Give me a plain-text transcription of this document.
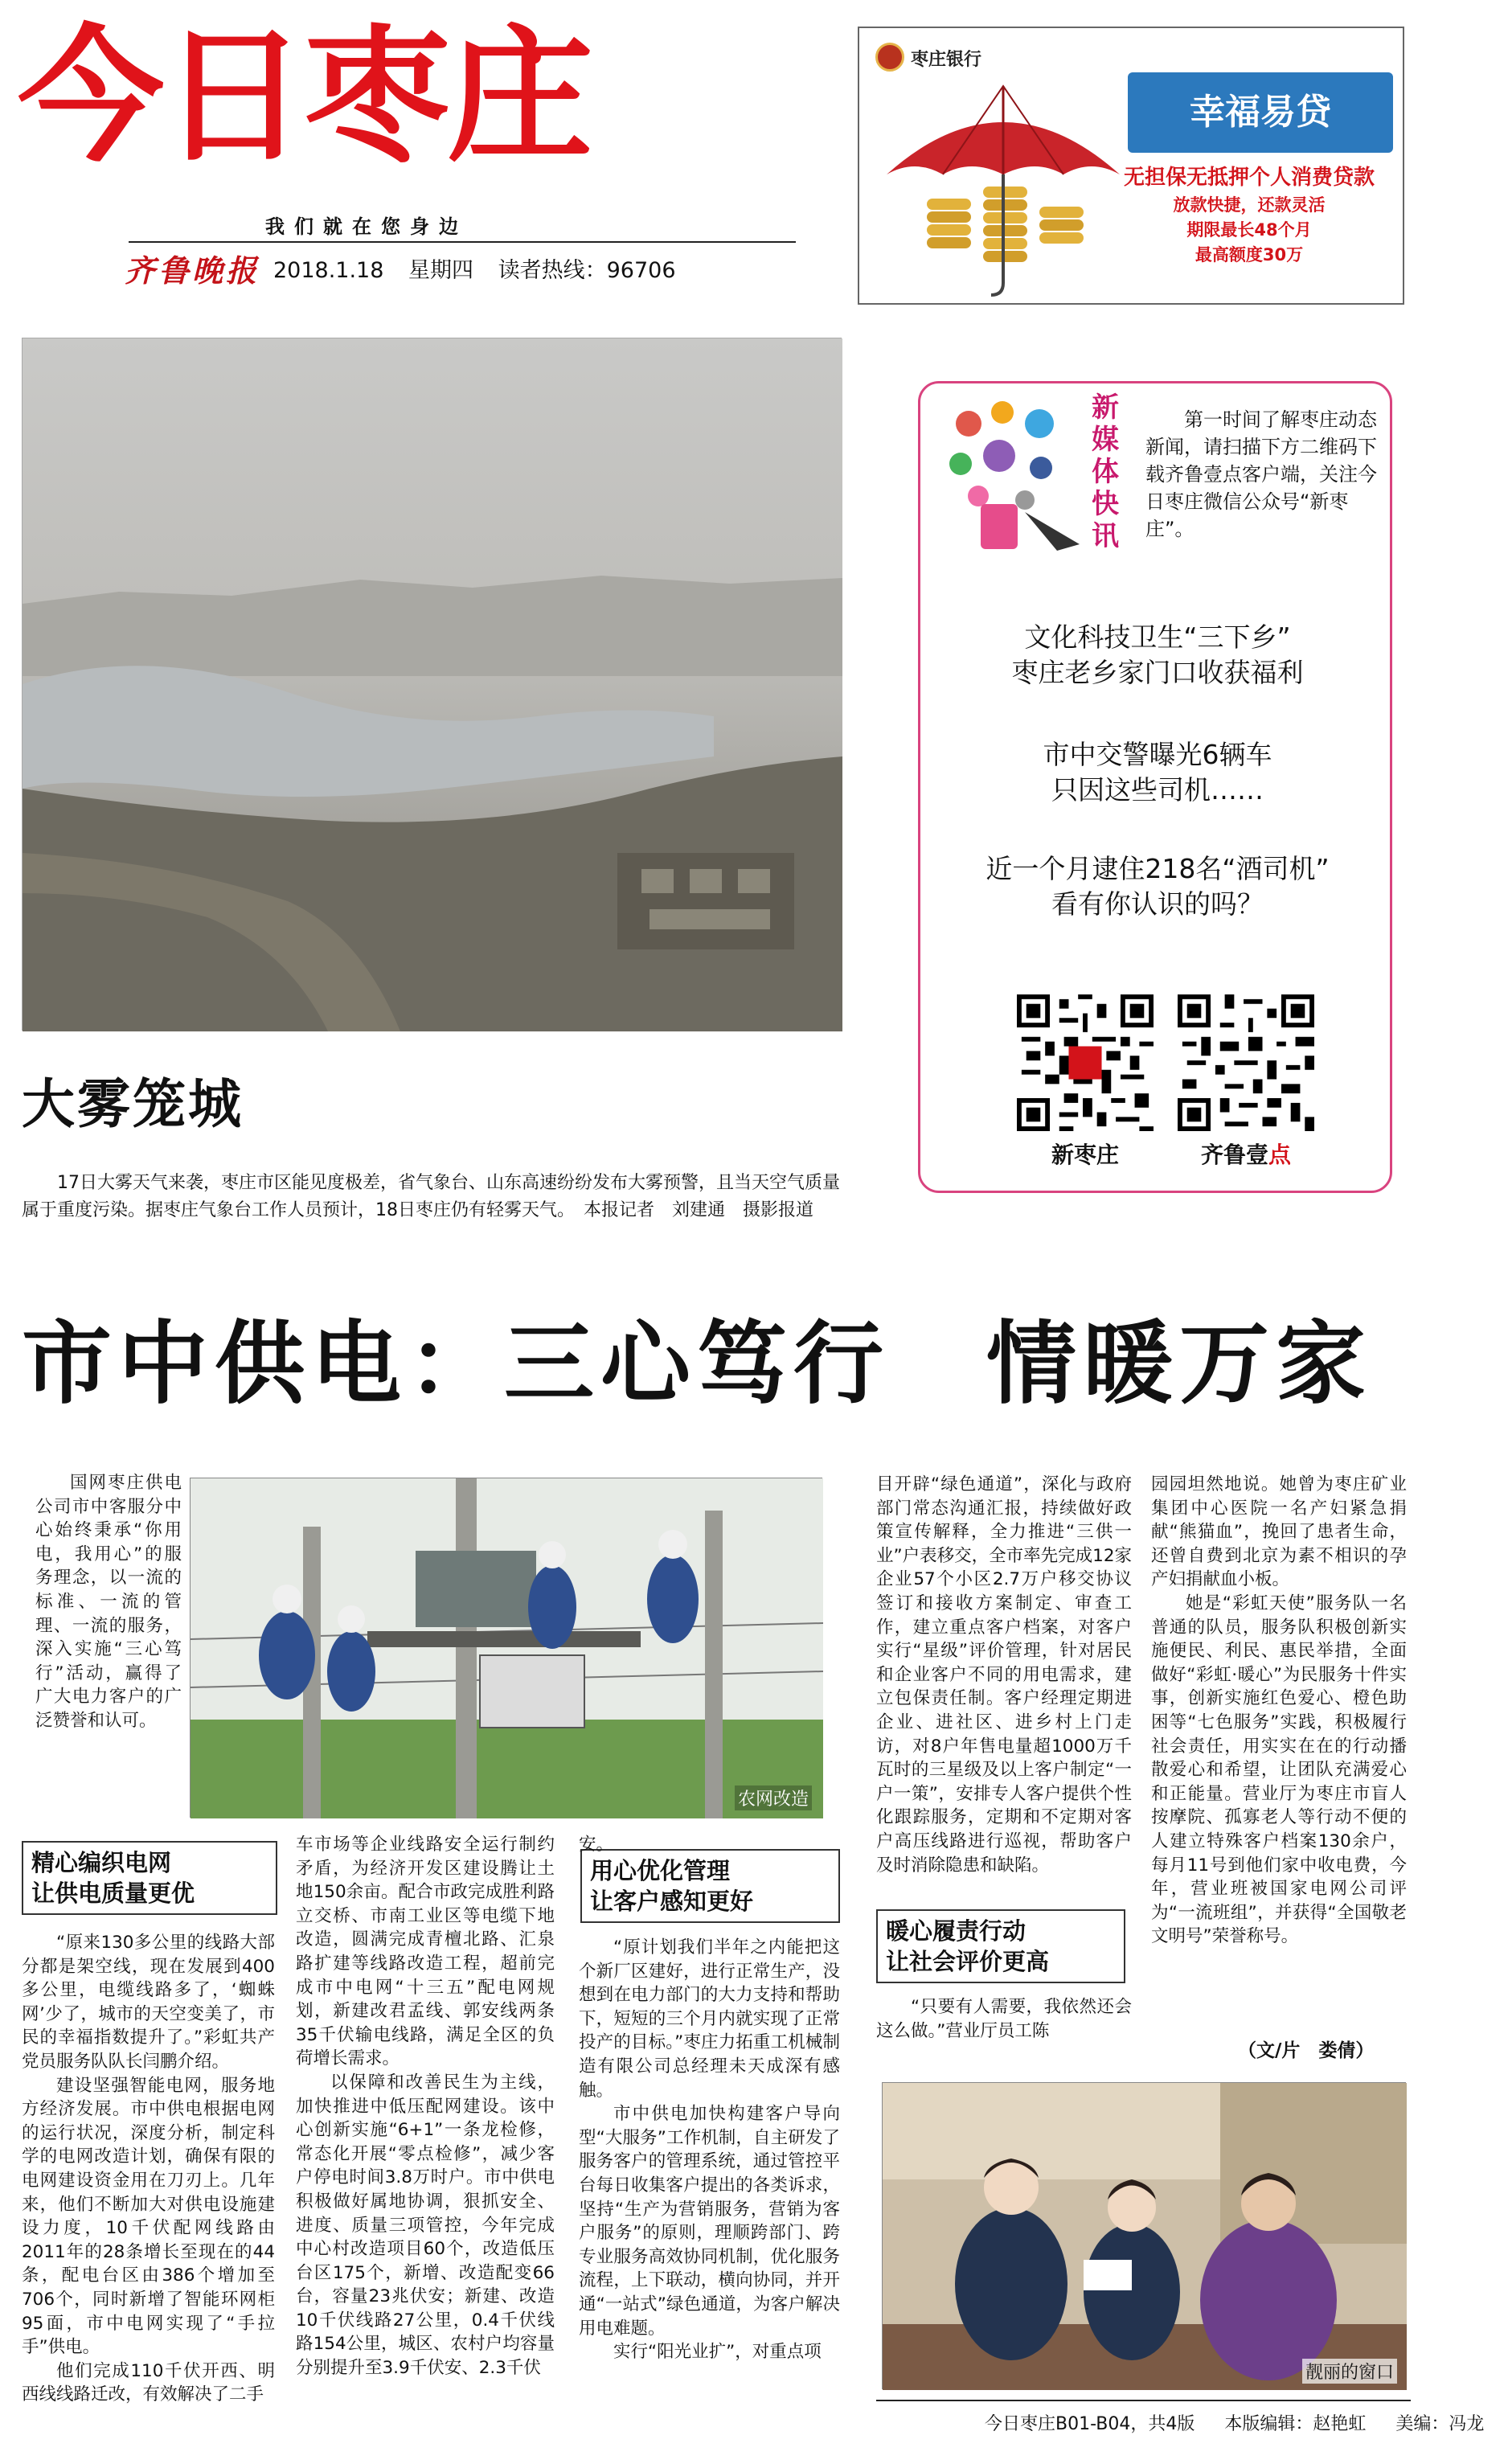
今日枣庄
我们就在您身边
齐鲁晚报 2018.1.18 星期四 读者热线：96706
枣庄银行
幸福易贷
无担保无抵押个人消费贷款
放款快捷，还款灵活
期限最长48个月
最高额度30万
大雾笼城
17日大雾天气来袭，枣庄市区能见度极差，省气象台、山东高速纷纷发布大雾预警，且当天空气质量属于重度污染。据枣庄气象台工作人员预计，18日枣庄仍有轻雾天气。　本报记者　刘建通　摄影报道
新媒体快讯
第一时间了解枣庄动态新闻，请扫描下方二维码下载齐鲁壹点客户端，关注今日枣庄微信公众号“新枣庄”。
文化科技卫生“三下乡”
枣庄老乡家门口收获福利
市中交警曝光6辆车
只因这些司机……
近一个月逮住218名“酒司机”
看有你认识的吗？
新枣庄	齐鲁壹点
市中供电：三心笃行　情暖万家

国网枣庄供电公司市中客服分中心始终秉承“你用电，我用心”的服务理念，以一流的标准、一流的管理、一流的服务，深入实施“三心笃行”活动，赢得了广大电力客户的广泛赞誉和认可。

农网改造
精心编织电网
让供电质量更优
用心优化管理
让客户感知更好
暖心履责行动
让社会评价更高

“原来130多公里的线路大部分都是架空线，现在发展到400多公里，电缆线路多了，‘蜘蛛网’少了，城市的天空变美了，市民的幸福指数提升了。”彩虹共产党员服务队队长闫鹏介绍。

建设坚强智能电网，服务地方经济发展。市中供电根据电网的运行状况，深度分析，制定科学的电网改造计划，确保有限的电网建设资金用在刀刃上。几年来，他们不断加大对供电设施建设力度，10千伏配网线路由2011年的28条增长至现在的44条，配电台区由386个增加至706个，同时新增了智能环网柜95面，市中电网实现了“手拉手”供电。

他们完成110千伏开西、明西线线路迁改，有效解决了二手

车市场等企业线路安全运行制约矛盾，为经济开发区建设腾让土地150余亩。配合市政完成胜利路立交桥、市南工业区等电缆下地改造，圆满完成青檀北路、汇泉路扩建等线路改造工程，超前完成市中电网“十三五”配电网规划，新建改君孟线、郭安线两条35千伏输电线路，满足全区的负荷增长需求。

以保障和改善民生为主线，加快推进中低压配网建设。该中心创新实施“6+1”一条龙检修，常态化开展“零点检修”，减少客户停电时间3.8万时户。市中供电积极做好属地协调，狠抓安全、进度、质量三项管控，今年完成中心村改造项目60个，改造低压台区175个，新增、改造配变66台，容量23兆伏安；新建、改造10千伏线路27公里，0.4千伏线路154公里，城区、农村户均容量分别提升至3.9千伏安、2.3千伏

安。

“原计划我们半年之内能把这个新厂区建好，进行正常生产，没想到在电力部门的大力支持和帮助下，短短的三个月内就实现了正常投产的目标。”枣庄力拓重工机械制造有限公司总经理未天成深有感触。

市中供电加快构建客户导向型“大服务”工作机制，自主研发了服务客户的管理系统，通过管控平台每日收集客户提出的各类诉求，坚持“生产为营销服务，营销为客户服务”的原则，理顺跨部门、跨专业服务高效协同机制，优化服务流程，上下联动，横向协同，并开通“一站式”绿色通道，为客户解决用电难题。

实行“阳光业扩”，对重点项

目开辟“绿色通道”，深化与政府部门常态沟通汇报，持续做好政策宣传解释，全力推进“三供一业”户表移交，全市率先完成12家企业57个小区2.7万户移交协议签订和接收方案制定、审查工作，建立重点客户档案，对客户实行“星级”评价管理，针对居民和企业客户不同的用电需求，建立包保责任制。客户经理定期进企业、进社区、进乡村上门走访，对8户年售电量超1000万千瓦时的三星级及以上客户制定“一户一策”，安排专人客户提供个性化跟踪服务，定期和不定期对客户高压线路进行巡视，帮助客户及时消除隐患和缺陷。

“只要有人需要，我依然还会这么做。”营业厅员工陈

园园坦然地说。她曾为枣庄矿业集团中心医院一名产妇紧急捐献“熊猫血”，挽回了患者生命，还曾自费到北京为素不相识的孕产妇捐献血小板。

她是“彩虹天使”服务队一名普通的队员，服务队积极创新实施便民、利民、惠民举措，全面做好“彩虹·暖心”为民服务十件实事，创新实施红色爱心、橙色助困等“七色服务”实践，积极履行社会责任，用实实在在的行动播散爱心和希望，让团队充满爱心和正能量。营业厅为枣庄市盲人按摩院、孤寡老人等行动不便的人建立特殊客户档案130余户，每月11号到他们家中收电费，今年，营业班被国家电网公司评为“一流班组”，并获得“全国敬老文明号”荣誉称号。

（文/片　娄倩）
靓丽的窗口
今日枣庄B01-B04，共4版 本版编辑：赵艳虹 美编：冯龙
